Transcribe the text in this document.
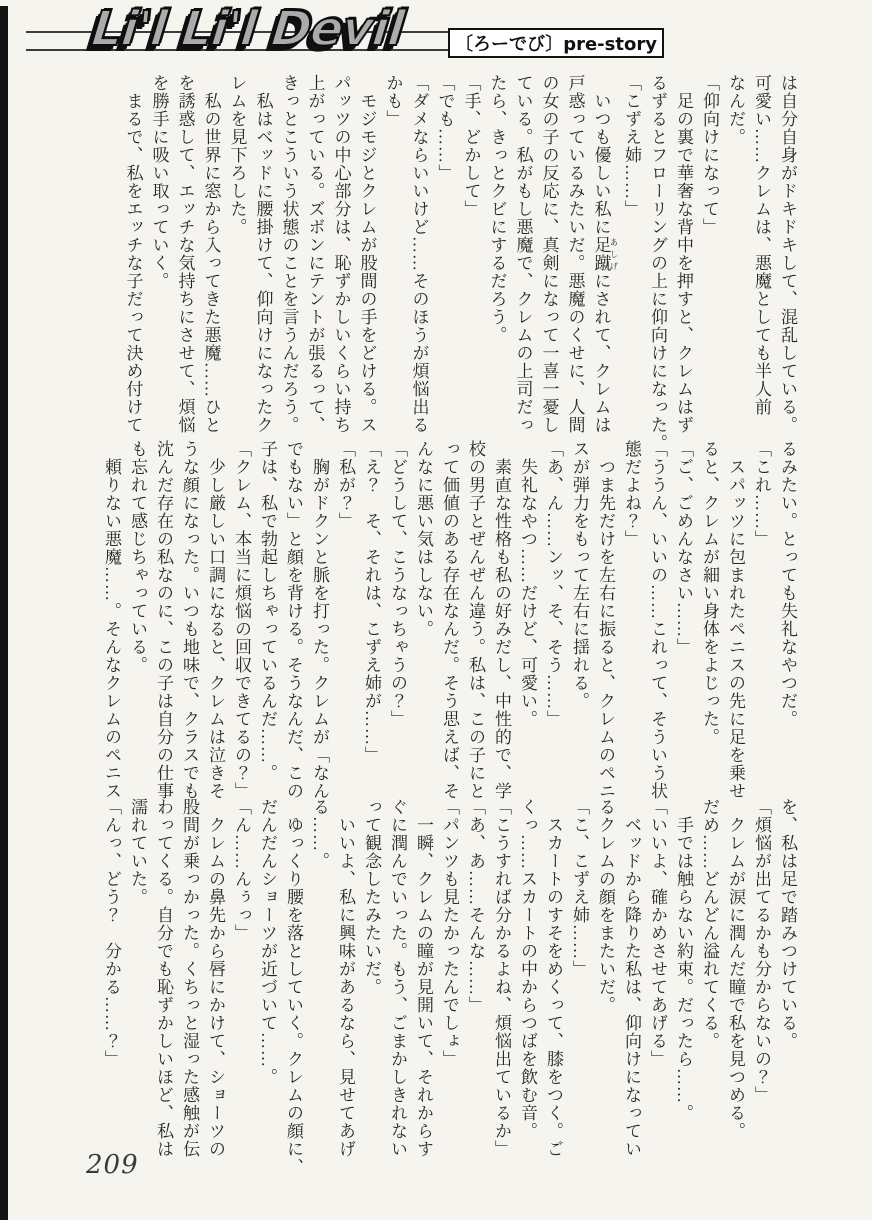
Li'l Li'l Devil	〔ろーでび〕pre-story
は自分自身がドキドキして、混乱している。
可愛い……クレムは、悪魔としても半人前
なんだ。
「仰向けになって」
　足の裏で華奢な背中を押すと、クレムはず
るずるとフローリングの上に仰向けになった。
「こずえ姉……」
　いつも優しい私に足蹴 あしげにされて、クレムは
戸惑っているみたいだ。悪魔のくせに、人間
の女の子の反応に、真剣になって一喜一憂し
ている。私がもし悪魔で、クレムの上司だっ
たら、きっとクビにするだろう。
「手、どかして」
「でも……」
「ダメならいいけど……そのほうが煩悩出る
かも」
　モジモジとクレムが股間の手をどける。ス
パッツの中心部分は、恥ずかしいくらい持ち
上がっている。ズボンにテントが張るって、
きっとこういう状態のことを言うんだろう。
　私はベッドに腰掛けて、仰向けになったク
レムを見下ろした。
　私の世界に窓から入ってきた悪魔……ひと
を誘惑して、エッチな気持ちにさせて、煩悩
を勝手に吸い取っていく。
　まるで、私をエッチな子だって決め付けて
るみたい。とっても失礼なやつだ。
「これ……」
　スパッツに包まれたペニスの先に足を乗せ
ると、クレムが細い身体をよじった。
「ご、ごめんなさい……」
「ううん、いいの……これって、そういう状
態だよね？」
　つま先だけを左右に振ると、クレムのペニ
スが弾力をもって左右に揺れる。
「あ、ん……ンッ、そ、そう……」
　失礼なやつ……だけど、可愛い。
　素直な性格も私の好みだし、中性的で、学
校の男子とぜんぜん違う。私は、この子にと
って価値のある存在なんだ。そう思えば、そ
んなに悪い気はしない。
「どうして、こうなっちゃうの？」
「え？　そ、それは、こずえ姉が……」
「私が？」
　胸がドクンと脈を打った。クレムが「なん
でもない」と顔を背ける。そうなんだ、この
子は、私で勃起しちゃっているんだ……。
「クレム、本当に煩悩の回収できてるの？」
　少し厳しい口調になると、クレムは泣きそ
うな顔になった。いつも地味で、クラスでも
沈んだ存在の私なのに、この子は自分の仕事
も忘れて感じちゃっている。
　頼りない悪魔……。そんなクレムのペニス
を、私は足で踏みつけている。
「煩悩が出てるかも分からないの？」
　クレムが涙に潤んだ瞳で私を見つめる。
だめ……どんどん溢れてくる。
　手では触らない約束。だったら……。
「いいよ、確かめさせてあげる」
　ベッドから降りた私は、仰向けになってい
るクレムの顔をまたいだ。
「こ、こずえ姉……」
　スカートのすそをめくって、膝をつく。ご
くっ……スカートの中からつばを飲む音。
「こうすれば分かるよね、煩悩出ているか」
「あ、あ……そんな……」
「パンツも見たかったんでしょ」
　一瞬、クレムの瞳が見開いて、それからす
ぐに潤んでいった。もう、ごまかしきれない
って観念したみたいだ。
　いいよ、私に興味があるなら、見せてあげ
る……。
　ゆっくり腰を落としていく。クレムの顔に、
だんだんショーツが近づいて……。
「ん……んぅっ」
　クレムの鼻先から唇にかけて、ショーツの
股間が乗っかった。くちっと湿った感触が伝
わってくる。自分でも恥ずかしいほど、私は
濡れていた。
「んっ、どう？　分かる……？」
209
